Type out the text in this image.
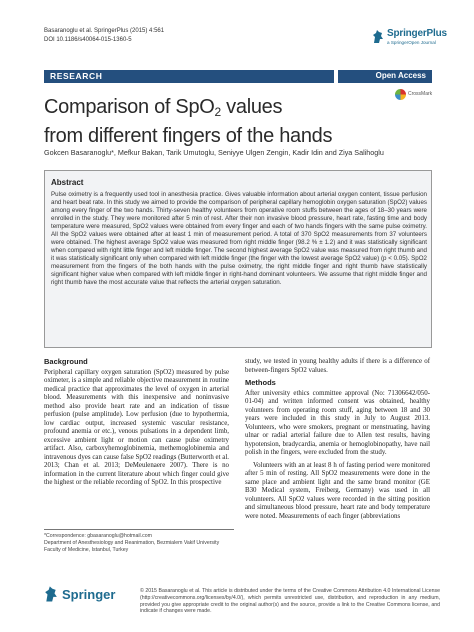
Basaranoglu et al. SpringerPlus (2015) 4:561
DOI 10.1186/s40064-015-1360-5
SpringerPlus
a SpringerOpen Journal
RESEARCH	Open Access
CrossMark
Comparison of SpO$_2$ values
from different fingers of the hands
Gokcen Basaranoglu*, Mefkur Bakan, Tarik Umutoglu, Seniyye Ulgen Zengin, Kadir Idin and Ziya Salihoglu
Abstract
Pulse oximetry is a frequently used tool in anesthesia practice. Gives valuable information about arterial oxygen content, tissue perfusion and heart beat rate. In this study we aimed to provide the comparison of peripheral capillary hemoglobin oxygen saturation (SpO2) values among every finger of the two hands. Thirty-seven healthy volunteers from operative room stuffs between the ages of 18–30 years were enrolled in the study. They were monitored after 5 min of rest. After their non invasive blood pressure, heart rate, fasting time and body temperature were measured, SpO2 values were obtained from every finger and each of two hands fingers with the same pulse oximetry. All the SpO2 values were obtained after at least 1 min of measurement period. A total of 370 SpO2 measurements from 37 volunteers were obtained. The highest average SpO2 value was measured from right middle finger (98.2 % ± 1.2) and it was statistically significant when compared with right little finger and left middle finger. The second highest average SpO2 value was measured from right thumb and it was statistically significant only when compared with left middle finger (the finger with the lowest average SpO2 value) (p < 0.05). SpO2 measurement from the fingers of the both hands with the pulse oximetry, the right middle finger and right thumb have statistically significant higher value when compared with left middle finger in right-hand dominant volunteers. We assume that right middle finger and right thumb have the most accurate value that reflects the arterial oxygen saturation.
Background
Peripheral capillary oxygen saturation (SpO2) measured by pulse oximeter, is a simple and reliable objective measurement in routine medical practice that approximates the level of oxygen in arterial blood. Measurements with this inexpensive and noninvasive method also provide heart rate and an indication of tissue perfusion (pulse amplitude). Low perfusion (due to hypothermia, low cardiac output, increased systemic vascular resistance, profound anemia or etc.), venous pulsations in a dependent limb, excessive ambient light or motion can cause pulse oximetry artifact. Also, carboxyhemoglobinemia, methemoglobinemia and intravenous dyes can cause false SpO2 readings (Butterworth et al. 2013; Chan et al. 2013; DeMeulenaere 2007). There is no information in the current literature about which finger could give the highest or the reliable recording of SpO2. In this prospective
study, we tested in young healthy adults if there is a difference of between-fingers SpO2 values.
Methods
After university ethics committee approval (No: 71306642/050-01-04) and written informed consent was obtained, healthy volunteers from operating room stuff, aging between 18 and 30 years were included in this study in July to August 2013. Volunteers, who were smokers, pregnant or menstruating, having ulnar or radial arterial failure due to Allen test results, having hypotension, bradycardia, anemia or hemoglobinopathy, have nail polish in the fingers, were excluded from the study.
Volunteers with an at least 8 h of fasting period were monitored after 5 min of resting. All SpO2 measurements were done in the same place and ambient light and the same brand monitor (GE B30 Medical system, Freiberg, Germany) was used in all volunteers. All SpO2 values were recorded in the sitting position and simultaneous blood pressure, heart rate and body temperature were noted. Measurements of each finger (abbreviations
*Correspondence: gbasaranoglu@hotmail.com
Department of Anesthesiology and Reanimation, Bezmialem Vakif University Faculty of Medicine, Istanbul, Turkey
Springer	© 2015 Basaranoglu et al. This article is distributed under the terms of the Creative Commons Attribution 4.0 International License (http://creativecommons.org/licenses/by/4.0/), which permits unrestricted use, distribution, and reproduction in any medium, provided you give appropriate credit to the original author(s) and the source, provide a link to the Creative Commons license, and indicate if changes were made.
